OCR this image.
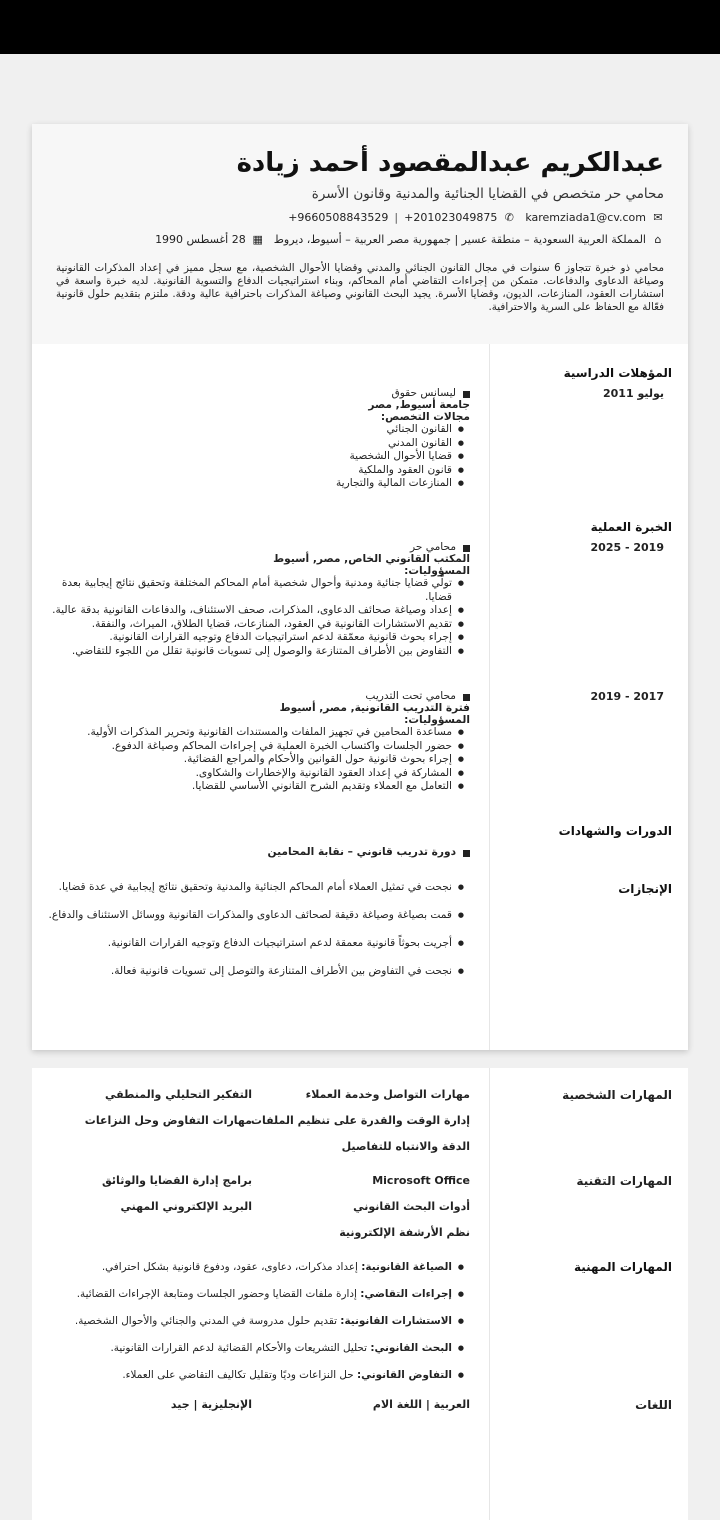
عبدالكريم عبدالمقصود أحمد زيادة
محامي حر متخصص في القضايا الجنائية والمدنية وقانون الأسرة
✉
karemziada1@cv.com
✆
+201023049875
|
+9660508843529
⌂
المملكة العربية السعودية – منطقة عسير | جمهورية مصر العربية – أسيوط، ديروط
▦
28 أغسطس 1990
محامي ذو خبرة تتجاوز 6 سنوات في مجال القانون الجنائي والمدني وقضايا الأحوال الشخصية، مع سجل مميز في إعداد المذكرات القانونية وصياغة الدعاوى والدفاعات. متمكن من إجراءات التقاضي أمام المحاكم، وبناء استراتيجيات الدفاع والتسوية القانونية. لديه خبرة واسعة في استشارات العقود، المنازعات، الديون، وقضايا الأسرة. يجيد البحث القانوني وصياغة المذكرات باحترافية عالية ودقة. ملتزم بتقديم حلول قانونية فعّالة مع الحفاظ على السرية والاحترافية.
المؤهلات الدراسية
يوليو 2011
ليسانس حقوق
جامعة أسيوط, مصر
مجالات التخصص:
● القانون الجنائي
● القانون المدني
● قضايا الأحوال الشخصية
● قانون العقود والملكية
● المنازعات المالية والتجارية
الخبرة العملية
2019 - 2025
محامي حر
المكتب القانوني الخاص, مصر, أسيوط
المسؤوليات:
● تولّي قضايا جنائية ومدنية وأحوال شخصية أمام المحاكم المختلفة وتحقيق نتائج إيجابية بعدة قضايا.
● إعداد وصياغة صحائف الدعاوى، المذكرات، صحف الاستئناف، والدفاعات القانونية بدقة عالية.
● تقديم الاستشارات القانونية في العقود، المنازعات، قضايا الطلاق، الميراث، والنفقة.
● إجراء بحوث قانونية معمّقة لدعم استراتيجيات الدفاع وتوجيه القرارات القانونية.
● التفاوض بين الأطراف المتنازعة والوصول إلى تسويات قانونية تقلل من اللجوء للتقاضي.
2017 - 2019
محامي تحت التدريب
فترة التدريب القانونية, مصر, أسيوط
المسؤوليات:
● مساعدة المحامين في تجهيز الملفات والمستندات القانونية وتحرير المذكرات الأولية.
● حضور الجلسات واكتساب الخبرة العملية في إجراءات المحاكم وصياغة الدفوع.
● إجراء بحوث قانونية حول القوانين والأحكام والمراجع القضائية.
● المشاركة في إعداد العقود القانونية والإخطارات والشكاوى.
● التعامل مع العملاء وتقديم الشرح القانوني الأساسي للقضايا.
الدورات والشهادات
دورة تدريب قانوني – نقابة المحامين
الإنجازات
● نجحت في تمثيل العملاء أمام المحاكم الجنائية والمدنية وتحقيق نتائج إيجابية في عدة قضايا.
● قمت بصياغة وصياغة دقيقة لصحائف الدعاوى والمذكرات القانونية ووسائل الاستئناف والدفاع.
● أجريت بحوثاً قانونية معمقة لدعم استراتيجيات الدفاع وتوجيه القرارات القانونية.
● نجحت في التفاوض بين الأطراف المتنازعة والتوصل إلى تسويات قانونية فعالة.
المهارات الشخصية
مهارات التواصل وخدمة العملاء
إدارة الوقت والقدرة على تنظيم الملفات
الدقة والانتباه للتفاصيل
التفكير التحليلي والمنطقي
مهارات التفاوض وحل النزاعات
المهارات التقنية
Microsoft Office
أدوات البحث القانوني
نظم الأرشفة الإلكترونية
برامج إدارة القضايا والوثائق
البريد الإلكتروني المهني
المهارات المهنية
● الصياغة القانونية: إعداد مذكرات، دعاوى، عقود، ودفوع قانونية بشكل احترافي.
● إجراءات التقاضي: إدارة ملفات القضايا وحضور الجلسات ومتابعة الإجراءات القضائية.
● الاستشارات القانونية: تقديم حلول مدروسة في المدني والجنائي والأحوال الشخصية.
● البحث القانوني: تحليل التشريعات والأحكام القضائية لدعم القرارات القانونية.
● التفاوض القانوني: حل النزاعات وديًا وتقليل تكاليف التقاضي على العملاء.
اللغات
العربية | اللغة الام
الإنجليزية | جيد
